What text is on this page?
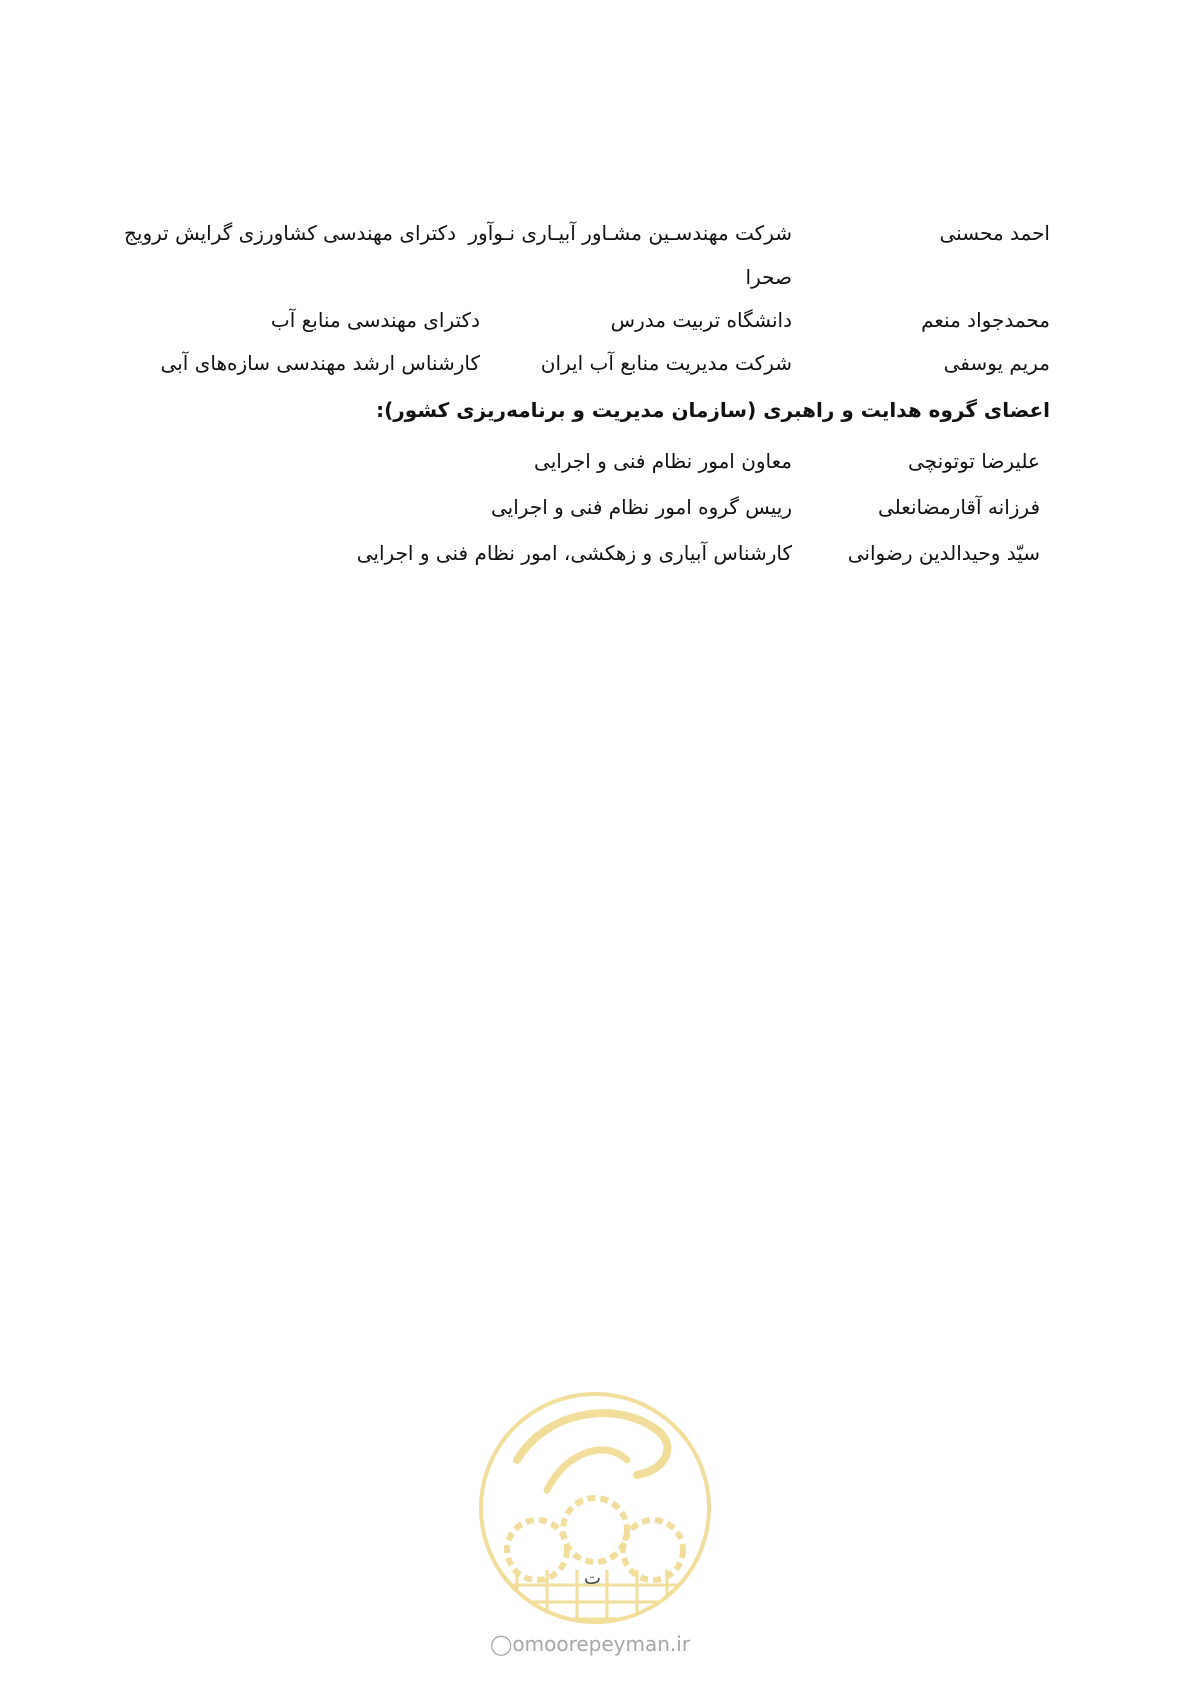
احمد محسنی
شرکت مهندسـین مشـاور آبیـاری نـوآور دکترای مهندسی کشاورزی گرایش ترویج
صحرا
محمدجواد منعم
دانشگاه تربیت مدرس
دکترای مهندسی منابع آب
مریم یوسفی
شرکت مدیریت منابع آب ایران
کارشناس ارشد مهندسی سازه‌های آبی
اعضای گروه هدایت و راهبری (سازمان مدیریت و برنامه‌ریزی کشور):
علیرضا توتونچی
معاون امور نظام فنی و اجرایی
فرزانه آقارمضانعلی
رییس گروه امور نظام فنی و اجرایی
سیّد وحیدالدین رضوانی
کارشناس آبیاری و زهکشی، امور نظام فنی و اجرایی
ت
◯omoorepeyman.ir
